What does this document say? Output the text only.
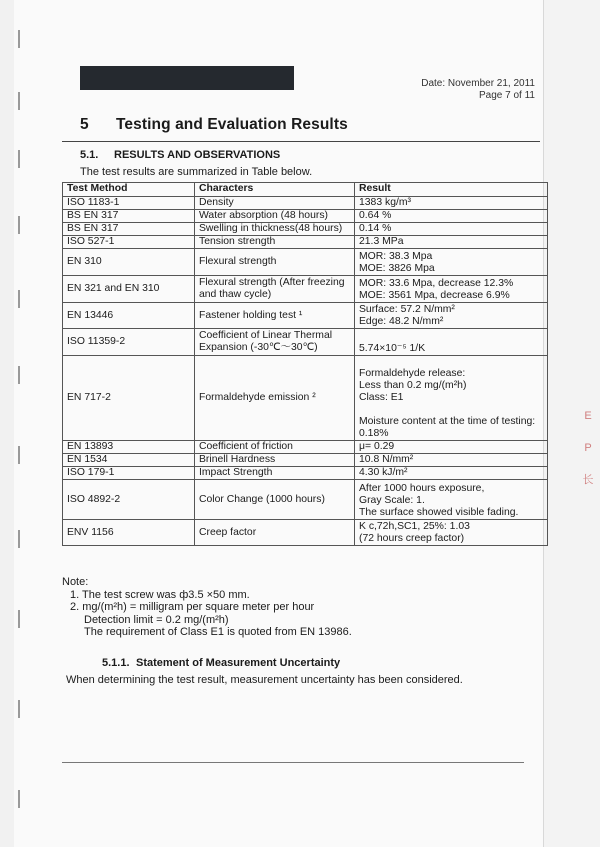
E
P
长
Date: November 21, 2011
Page 7 of 11
5 Testing and Evaluation Results
5.1. RESULTS AND OBSERVATIONS
The test results are summarized in Table below.
Test Method	Characters	Result
ISO 1183-1	Density	1383 kg/m³
BS EN 317	Water absorption (48 hours)	0.64 %
BS EN 317	Swelling in thickness(48 hours)	0.14 %
ISO 527-1	Tension strength	21.3 MPa
EN 310	Flexural strength	MOR: 38.3 Mpa
MOE: 3826 Mpa
EN 321 and EN 310	Flexural strength (After freezing and thaw cycle)	MOR: 33.6 Mpa, decrease 12.3%
MOE: 3561 Mpa, decrease 6.9%
EN 13446	Fastener holding test ¹	Surface: 57.2 N/mm²
Edge: 48.2 N/mm²
ISO 11359-2	Coefficient of Linear Thermal Expansion (-30℃～30℃)	5.74×10⁻⁵ 1/K
EN 717-2	Formaldehyde emission ²	Formaldehyde release:
Less than 0.2 mg/(m²h)
Class: E1

Moisture content at the time of testing: 0.18%
EN 13893	Coefficient of friction	μ= 0.29
EN 1534	Brinell Hardness	10.8 N/mm²
ISO 179-1	Impact Strength	4.30 kJ/m²
ISO 4892-2	Color Change (1000 hours)	After 1000 hours exposure,
Gray Scale: 1.
The surface showed visible fading.
ENV 1156	Creep factor	K c,72h,SC1, 25%: 1.03
(72 hours creep factor)
Note:
1. The test screw was ф3.5 ×50 mm.
2. mg/(m²h) = milligram per square meter per hour
Detection limit = 0.2 mg/(m²h)
The requirement of Class E1 is quoted from EN 13986.
5.1.1. Statement of Measurement Uncertainty
When determining the test result, measurement uncertainty has been considered.
